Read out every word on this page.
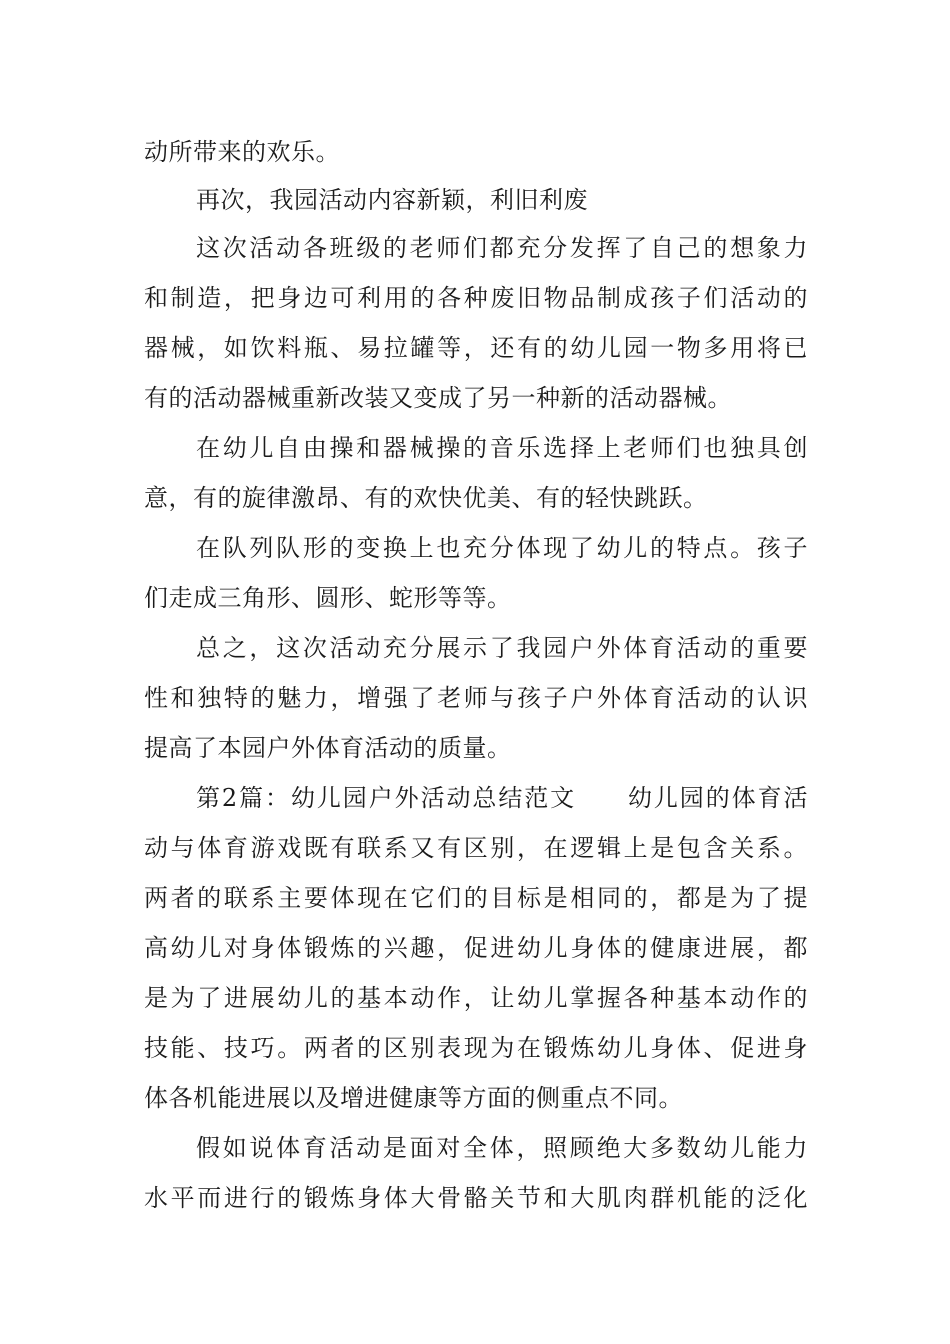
动所带来的欢乐。
再次，我园活动内容新颖，利旧利废
这次活动各班级的老师们都充分发挥了自己的想象力
和制造，把身边可利用的各种废旧物品制成孩子们活动的
器械，如饮料瓶、易拉罐等，还有的幼儿园一物多用将已
有的活动器械重新改装又变成了另一种新的活动器械。
在幼儿自由操和器械操的音乐选择上老师们也独具创
意，有的旋律激昂、有的欢快优美、有的轻快跳跃。
在队列队形的变换上也充分体现了幼儿的特点。孩子
们走成三角形、圆形、蛇形等等。
总之，这次活动充分展示了我园户外体育活动的重要
性和独特的魅力，增强了老师与孩子户外体育活动的认识
提高了本园户外体育活动的质量。
第2篇：幼儿园户外活动总结范文　　幼儿园的体育活
动与体育游戏既有联系又有区别，在逻辑上是包含关系。
两者的联系主要体现在它们的目标是相同的，都是为了提
高幼儿对身体锻炼的兴趣，促进幼儿身体的健康进展，都
是为了进展幼儿的基本动作，让幼儿掌握各种基本动作的
技能、技巧。两者的区别表现为在锻炼幼儿身体、促进身
体各机能进展以及增进健康等方面的侧重点不同。
假如说体育活动是面对全体，照顾绝大多数幼儿能力
水平而进行的锻炼身体大骨骼关节和大肌肉群机能的泛化
